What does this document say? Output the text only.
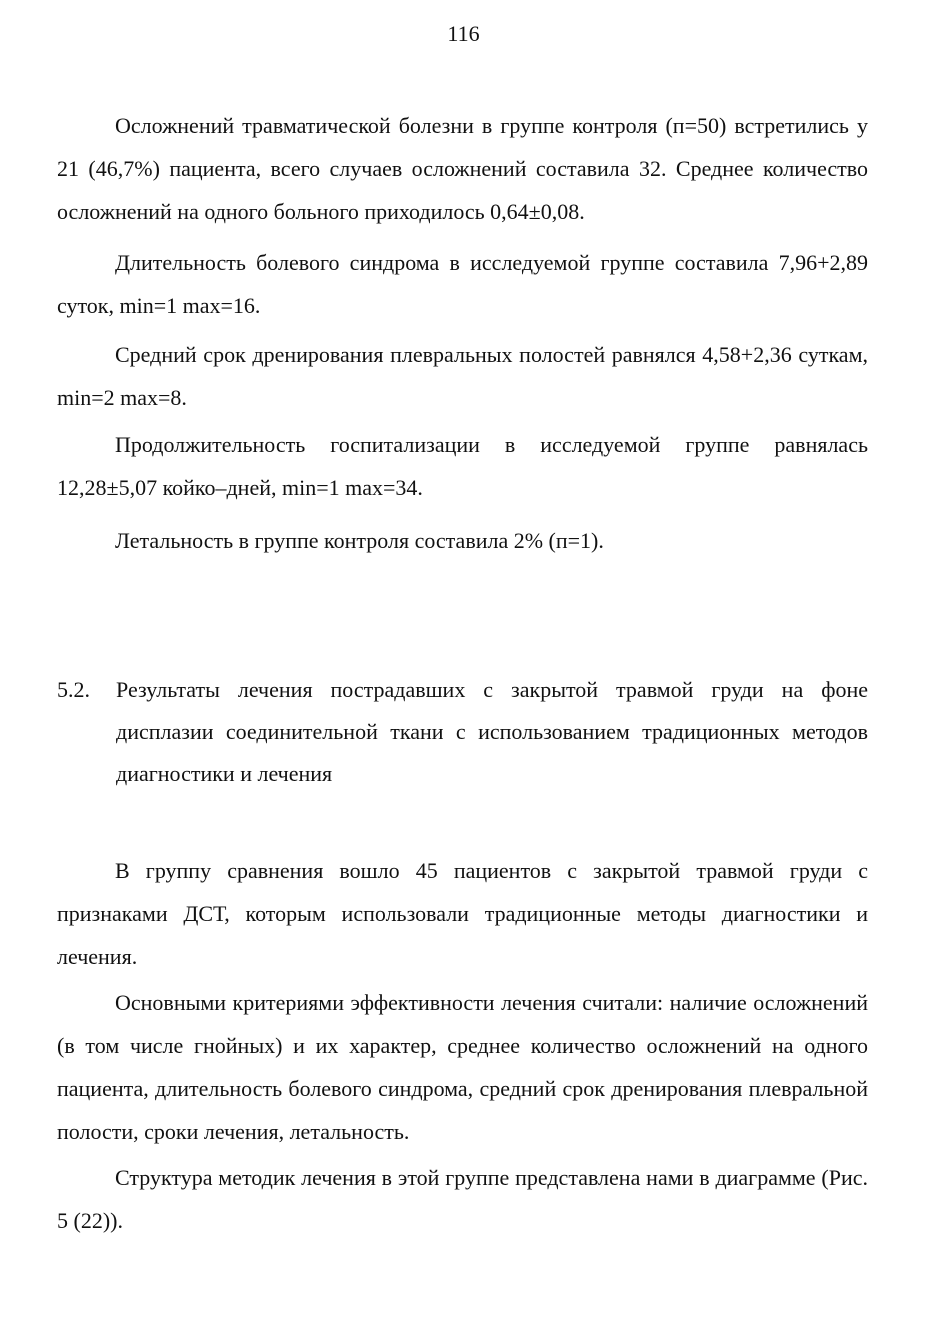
116

Осложнений травматической болезни в группе контроля (п=50) встретились у 21 (46,7%) пациента, всего случаев осложнений составила 32. Среднее количество осложнений на одного больного приходилось 0,64±0,08.

Длительность болевого синдрома в исследуемой группе составила 7,96+2,89 суток, min=1 max=16.

Средний срок дренирования плевральных полостей равнялся 4,58+2,36 суткам, min=2 max=8.

Продолжительность госпитализации в исследуемой группе равнялась 12,28±5,07 койко–дней, min=1 max=34.

Летальность в группе контроля составила 2% (п=1).

5.2. Результаты лечения пострадавших с закрытой травмой груди на фоне дисплазии соединительной ткани с использованием традиционных методов диагностики и лечения

В группу сравнения вошло 45 пациентов с закрытой травмой груди с признаками ДСТ, которым использовали традиционные методы диагностики и лечения.

Основными критериями эффективности лечения считали: наличие осложнений (в том числе гнойных) и их характер, среднее количество осложнений на одного пациента, длительность болевого синдрома, средний срок дренирования плевральной полости, сроки лечения, летальность.

Структура методик лечения в этой группе представлена нами в диаграмме (Рис. 5 (22)).
